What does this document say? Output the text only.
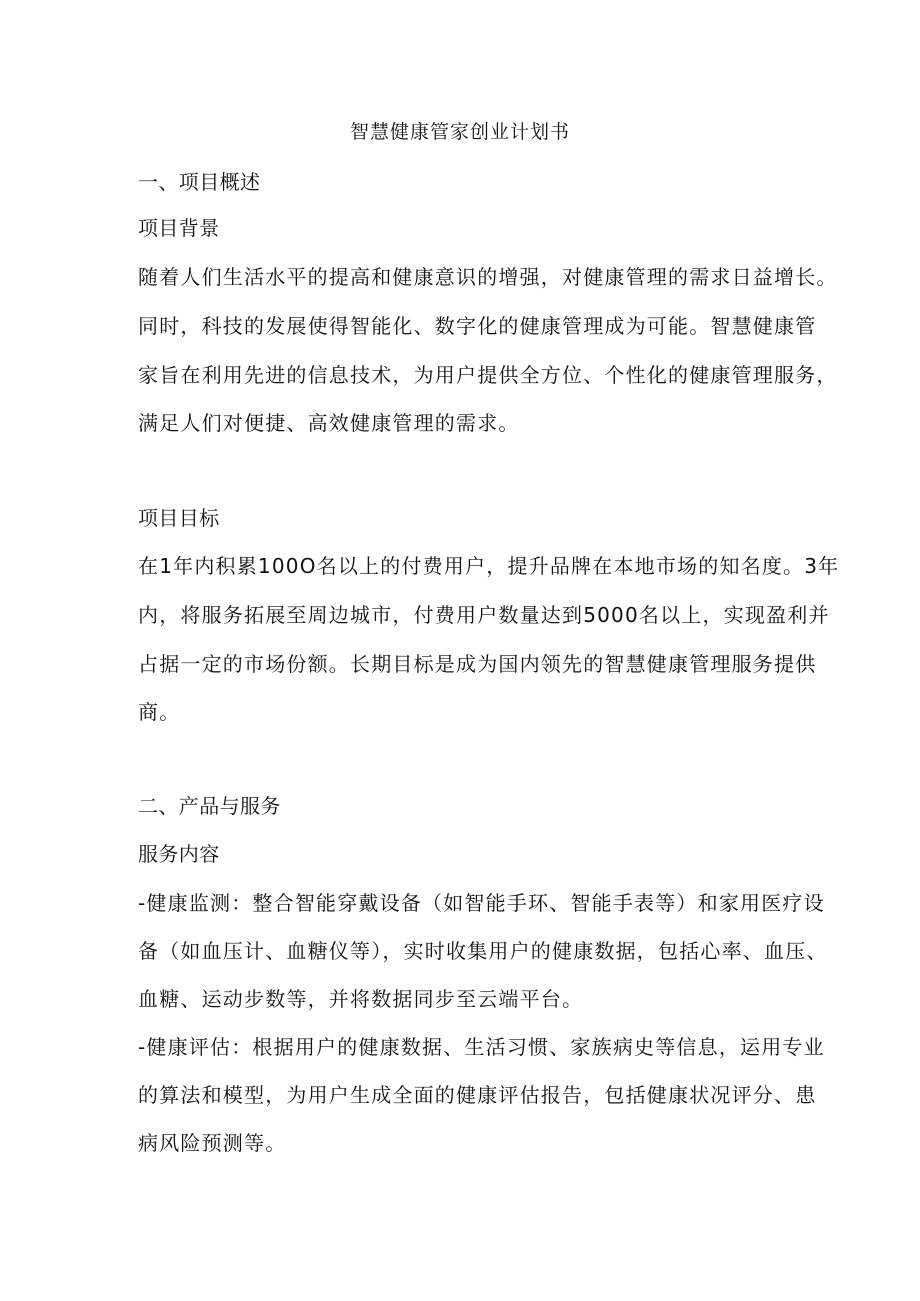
智慧健康管家创业计划书
一、项目概述
项目背景
随着人们生活水平的提高和健康意识的增强，对健康管理的需求日益增长。
同时，科技的发展使得智能化、数字化的健康管理成为可能。智慧健康管
家旨在利用先进的信息技术，为用户提供全方位、个性化的健康管理服务，
满足人们对便捷、高效健康管理的需求。
项目目标
在1年内积累100O名以上的付费用户，提升品牌在本地市场的知名度。3年
内，将服务拓展至周边城市，付费用户数量达到5000名以上，实现盈利并
占据一定的市场份额。长期目标是成为国内领先的智慧健康管理服务提供
商。
二、产品与服务
服务内容
-健康监测：整合智能穿戴设备（如智能手环、智能手表等）和家用医疗设
备（如血压计、血糖仪等），实时收集用户的健康数据，包括心率、血压、
血糖、运动步数等，并将数据同步至云端平台。
-健康评估：根据用户的健康数据、生活习惯、家族病史等信息，运用专业
的算法和模型，为用户生成全面的健康评估报告，包括健康状况评分、患
病风险预测等。
